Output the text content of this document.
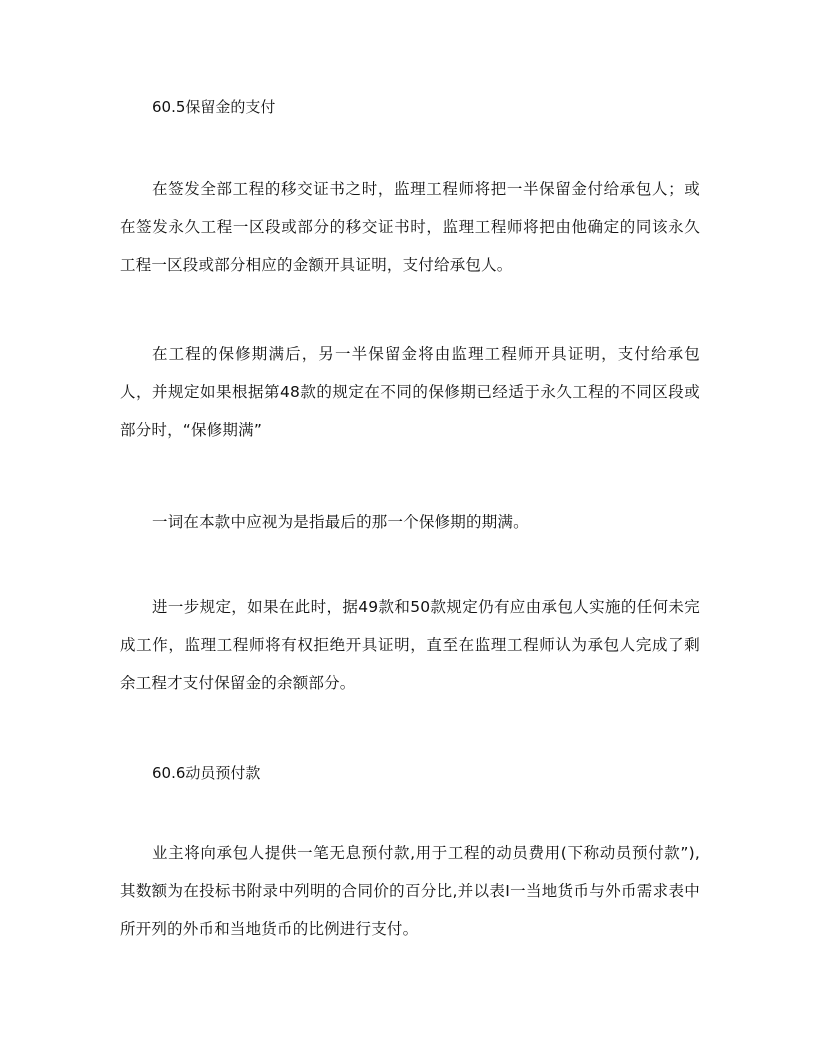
60.5保留金的支付
在签发全部工程的移交证书之时，监理工程师将把一半保留金付给承包人；或在签发永久工程一区段或部分的移交证书时，监理工程师将把由他确定的同该永久工程一区段或部分相应的金额开具证明，支付给承包人。
在工程的保修期满后，另一半保留金将由监理工程师开具证明，支付给承包人，并规定如果根据第48款的规定在不同的保修期已经适于永久工程的不同区段或部分时，“保修期满”
一词在本款中应视为是指最后的那一个保修期的期满。
进一步规定，如果在此时，据49款和50款规定仍有应由承包人实施的任何未完成工作，监理工程师将有权拒绝开具证明，直至在监理工程师认为承包人完成了剩余工程才支付保留金的余额部分。
60.6动员预付款
业主将向承包人提供一笔无息预付款,用于工程的动员费用(下称动员预付款”),其数额为在投标书附录中列明的合同价的百分比,并以表I一当地货币与外币需求表中所开列的外币和当地货币的比例进行支付。
